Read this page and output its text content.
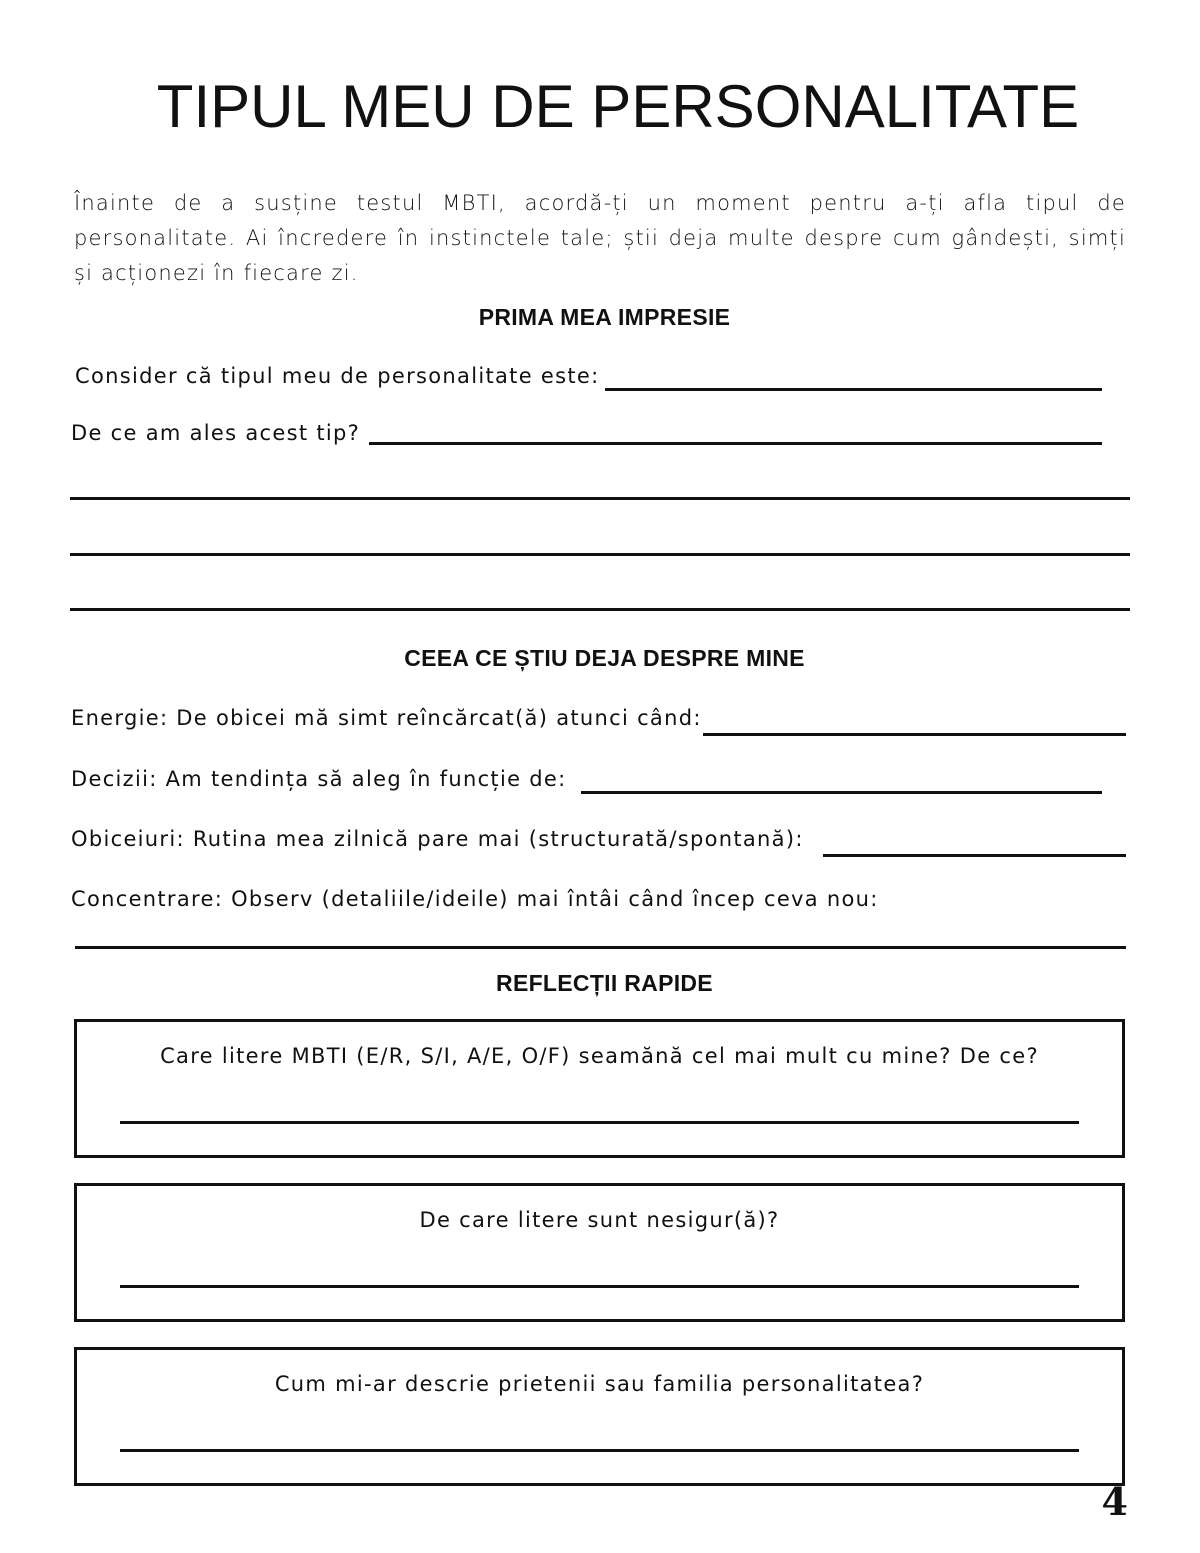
TIPUL MEU DE PERSONALITATE
Înainte de a susține testul MBTI, acordă-ți un moment pentru a-ți afla tipul de personalitate. Ai încredere în instinctele tale; știi deja multe despre cum gândești, simți și acționezi în fiecare zi.
PRIMA MEA IMPRESIE
Consider că tipul meu de personalitate este:
De ce am ales acest tip?
CEEA CE ȘTIU DEJA DESPRE MINE
Energie: De obicei mă simt reîncărcat(ă) atunci când:
Decizii: Am tendința să aleg în funcție de:
Obiceiuri: Rutina mea zilnică pare mai (structurată/spontană):
Concentrare: Observ (detaliile/ideile) mai întâi când încep ceva nou:
REFLECȚII RAPIDE
Care litere MBTI (E/R, S/I, A/E, O/F) seamănă cel mai mult cu mine? De ce?
De care litere sunt nesigur(ă)?
Cum mi-ar descrie prietenii sau familia personalitatea?
4
